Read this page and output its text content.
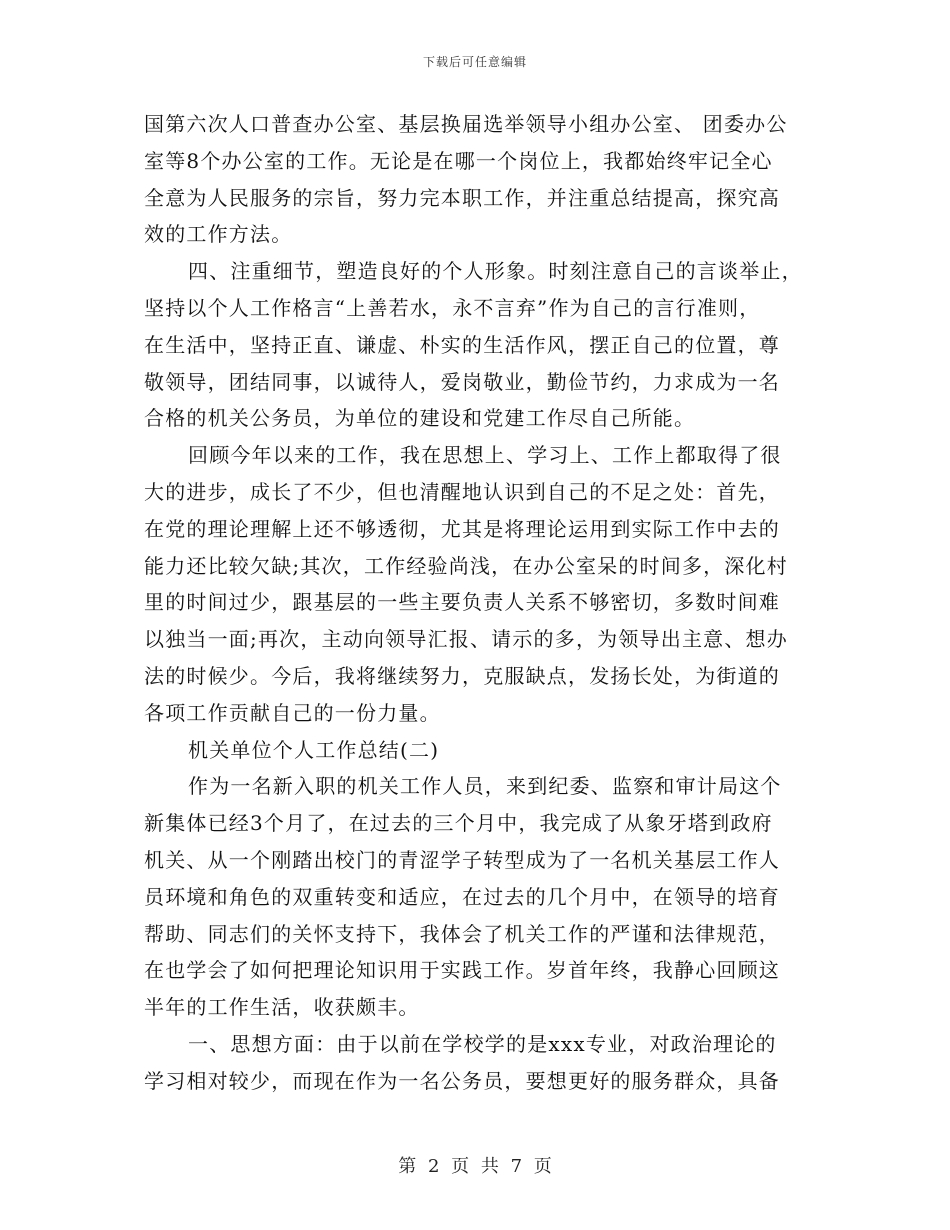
下载后可任意编辑
国第六次人口普查办公室、基层换届选举领导小组办公室、 团委办公
室等8个办公室的工作。无论是在哪一个岗位上，我都始终牢记全心
全意为人民服务的宗旨，努力完本职工作，并注重总结提高，探究高
效的工作方法。
四、注重细节，塑造良好的个人形象。时刻注意自己的言谈举止，
坚持以个人工作格言“上善若水，永不言弃”作为自己的言行准则，
在生活中，坚持正直、谦虚、朴实的生活作风，摆正自己的位置，尊
敬领导，团结同事，以诚待人，爱岗敬业，勤俭节约，力求成为一名
合格的机关公务员，为单位的建设和党建工作尽自己所能。
回顾今年以来的工作，我在思想上、学习上、工作上都取得了很
大的进步，成长了不少，但也清醒地认识到自己的不足之处：首先，
在党的理论理解上还不够透彻，尤其是将理论运用到实际工作中去的
能力还比较欠缺;其次，工作经验尚浅，在办公室呆的时间多，深化村
里的时间过少，跟基层的一些主要负责人关系不够密切，多数时间难
以独当一面;再次，主动向领导汇报、请示的多，为领导出主意、想办
法的时候少。今后，我将继续努力，克服缺点，发扬长处，为街道的
各项工作贡献自己的一份力量。
机关单位个人工作总结(二)
作为一名新入职的机关工作人员，来到纪委、监察和审计局这个
新集体已经3个月了，在过去的三个月中，我完成了从象牙塔到政府
机关、从一个刚踏出校门的青涩学子转型成为了一名机关基层工作人
员环境和角色的双重转变和适应，在过去的几个月中，在领导的培育
帮助、同志们的关怀支持下，我体会了机关工作的严谨和法律规范，
在也学会了如何把理论知识用于实践工作。岁首年终，我静心回顾这
半年的工作生活，收获颇丰。
一、思想方面：由于以前在学校学的是xxx专业，对政治理论的
学习相对较少，而现在作为一名公务员，要想更好的服务群众，具备
第 2 页 共 7 页
